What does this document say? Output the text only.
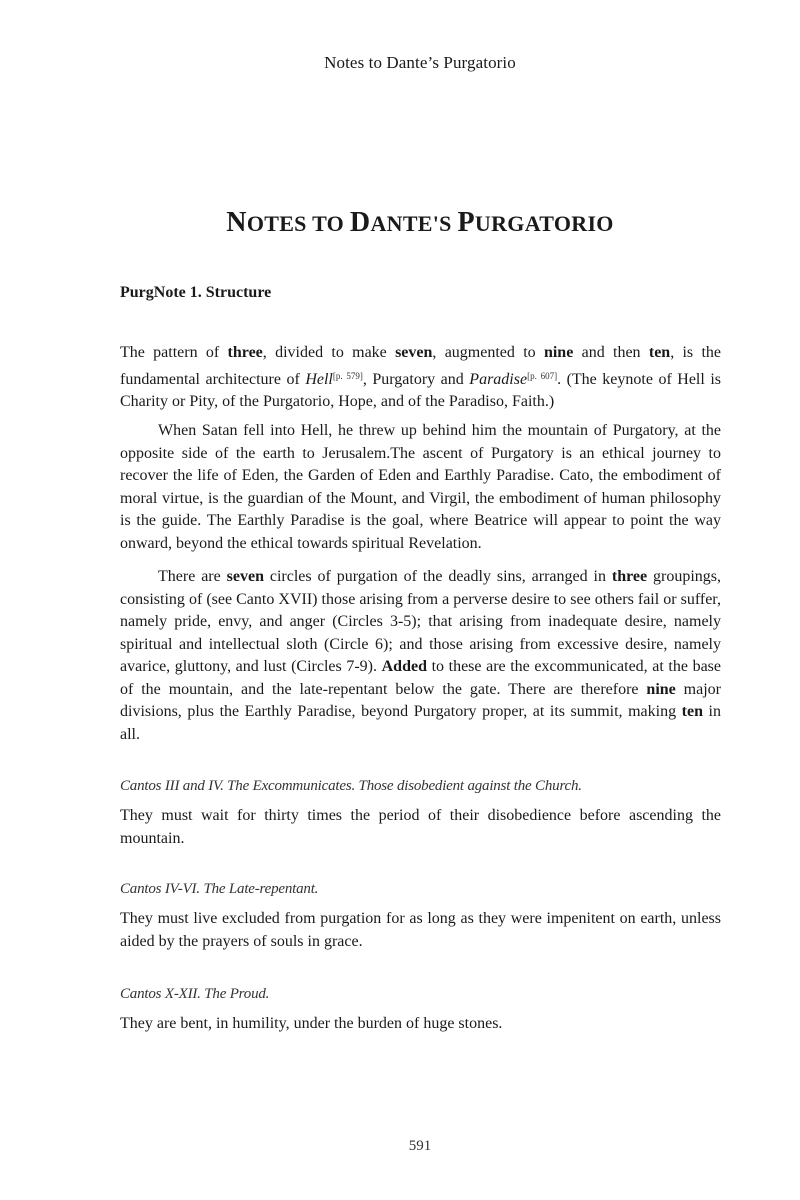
Notes to Dante’s Purgatorio
NOTES TO DANTE'S PURGATORIO
PurgNote 1. Structure

The pattern of three, divided to make seven, augmented to nine and then ten, is the fundamental architecture of Hell[p. 579], Purgatory and Paradise[p. 607]. (The keynote of Hell is Charity or Pity, of the Purgatorio, Hope, and of the Paradiso, Faith.)

When Satan fell into Hell, he threw up behind him the mountain of Purgatory, at the opposite side of the earth to Jerusalem.The ascent of Purgatory is an ethical journey to recover the life of Eden, the Garden of Eden and Earthly Paradise. Cato, the embodiment of moral virtue, is the guardian of the Mount, and Virgil, the embodiment of human philosophy is the guide. The Earthly Paradise is the goal, where Beatrice will appear to point the way onward, beyond the ethical towards spiritual Revelation.

There are seven circles of purgation of the deadly sins, arranged in three groupings, consisting of (see Canto XVII) those arising from a perverse desire to see others fail or suffer, namely pride, envy, and anger (Circles 3-5); that arising from inadequate desire, namely spiritual and intellectual sloth (Circle 6); and those arising from excessive desire, namely avarice, gluttony, and lust (Circles 7-9). Added to these are the excommunicated, at the base of the mountain, and the late-repentant below the gate. There are therefore nine major divisions, plus the Earthly Paradise, beyond Purgatory proper, at its summit, making ten in all.

Cantos III and IV. The Excommunicates. Those disobedient against the Church.

They must wait for thirty times the period of their disobedience before ascending the mountain.

Cantos IV-VI. The Late-repentant.

They must live excluded from purgation for as long as they were impenitent on earth, unless aided by the prayers of souls in grace.

Cantos X-XII. The Proud.

They are bent, in humility, under the burden of huge stones.

591
